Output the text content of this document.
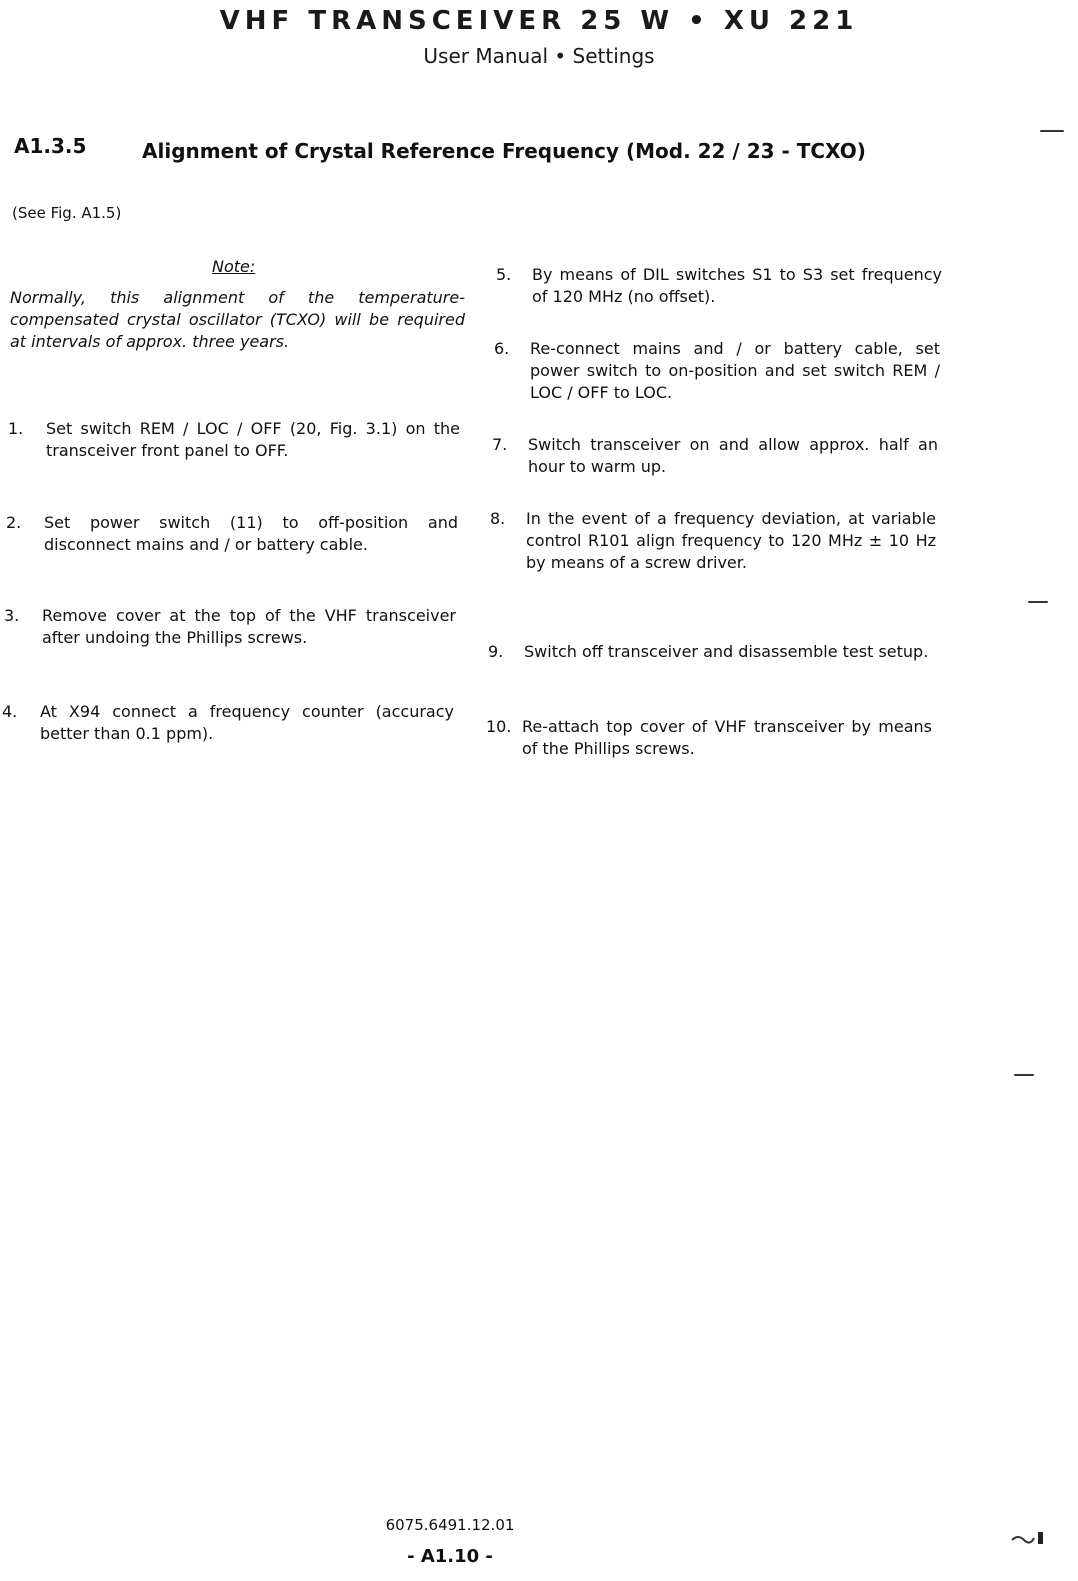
VHF TRANSCEIVER 25 W • XU 221
User Manual • Settings
A1.3.5	Alignment of Crystal Reference Frequency (Mod. 22 / 23 - TCXO)
(See Fig. A1.5)
Note:
Normally, this alignment of the temperature-compensated crystal oscillator (TCXO) will be required at intervals of approx. three years.
1. Set switch REM / LOC / OFF (20, Fig. 3.1) on the transceiver front panel to OFF.
2. Set power switch (11) to off-position and disconnect mains and / or battery cable.
3. Remove cover at the top of the VHF transceiver after undoing the Phillips screws.
4. At X94 connect a frequency counter (accuracy better than 0.1 ppm).
5. By means of DIL switches S1 to S3 set frequency of 120 MHz (no offset).
6. Re-connect mains and / or battery cable, set power switch to on-position and set switch REM / LOC / OFF to LOC.
7. Switch transceiver on and allow approx. half an hour to warm up.
8. In the event of a frequency deviation, at variable control R101 align frequency to 120 MHz ± 10 Hz by means of a screw driver.
9. Switch off transceiver and disassemble test setup.
10. Re-attach top cover of VHF transceiver by means of the Phillips screws.
6075.6491.12.01
- A1.10 -
